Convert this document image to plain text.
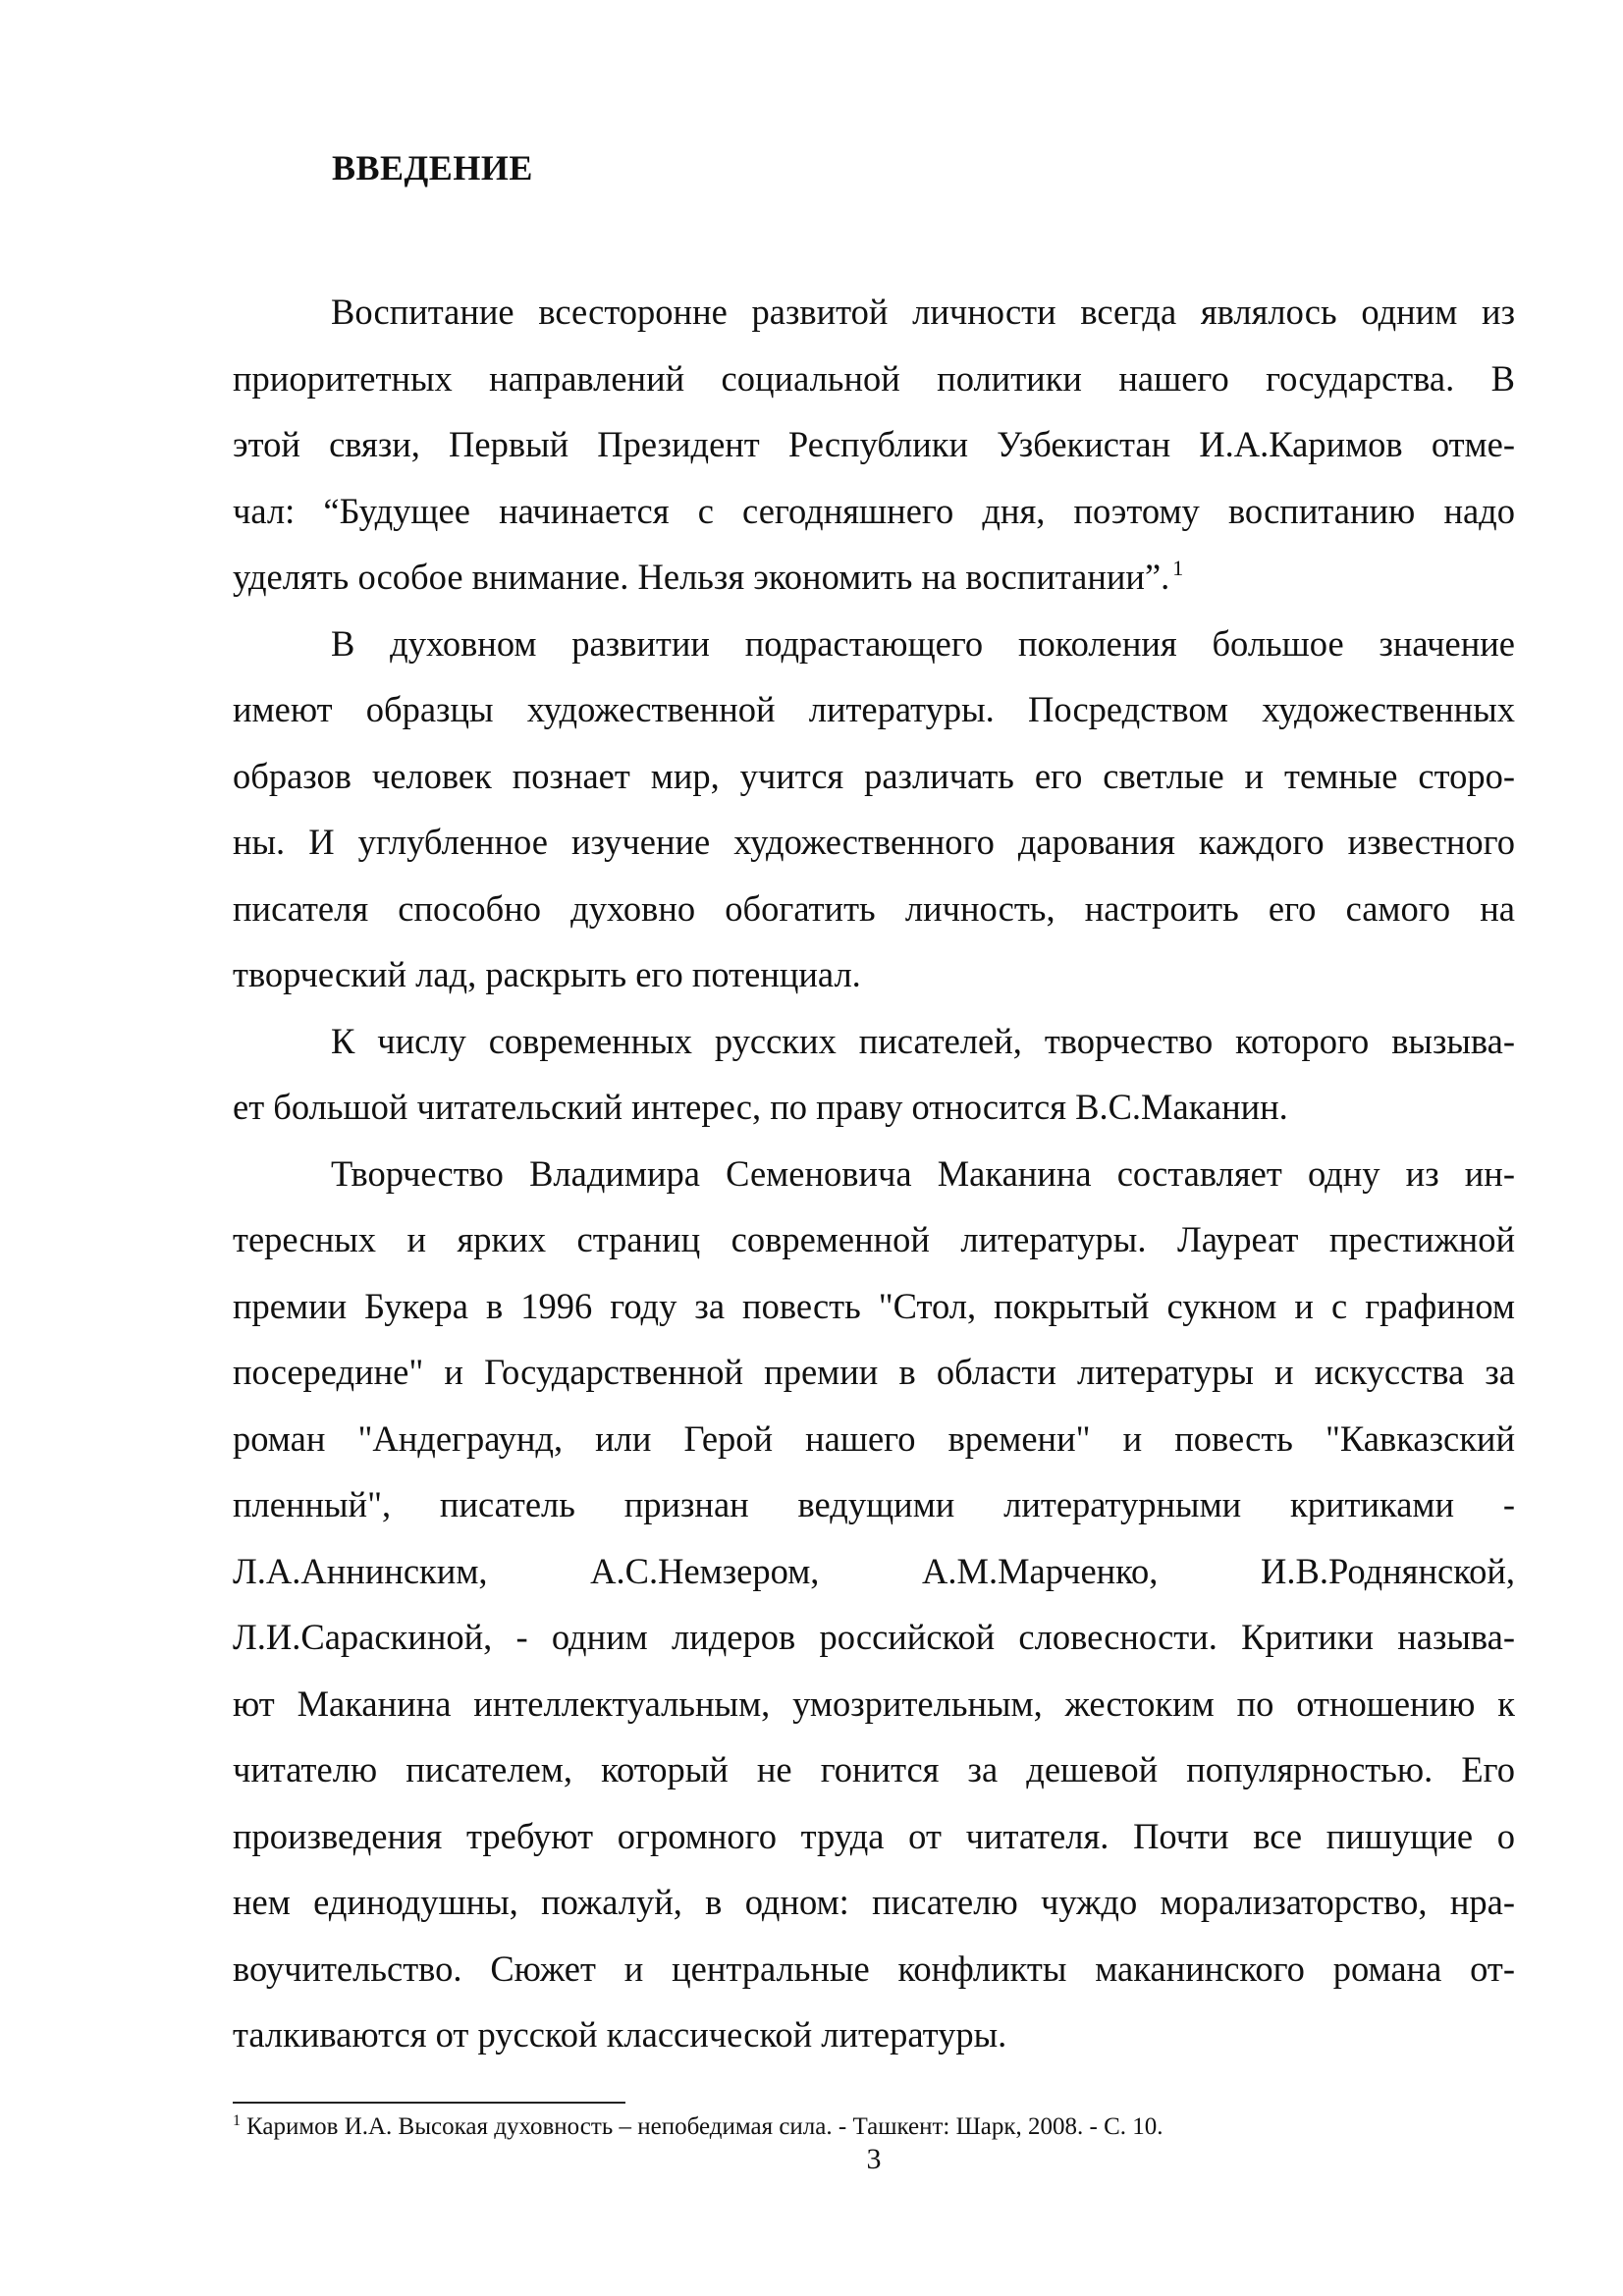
ВВЕДЕНИЕ
Воспитание всесторонне развитой личности всегда являлось одним из
приоритетных направлений социальной политики нашего государства. В
этой связи, Первый Президент Республики Узбекистан И.А.Каримов отме-
чал: “Будущее начинается с сегодняшнего дня, поэтому воспитанию надо
уделять особое внимание. Нельзя экономить на воспитании”. $^1$
В духовном развитии подрастающего поколения большое значение
имеют образцы художественной литературы. Посредством художественных
образов человек познает мир, учится различать его светлые и темные сторо-
ны. И углубленное изучение художественного дарования каждого известного
писателя способно духовно обогатить личность, настроить его самого на
творческий лад, раскрыть его потенциал.
К числу современных русских писателей, творчество которого вызыва-
ет большой читательский интерес, по праву относится В.С.Маканин.
Творчество Владимира Семеновича Маканина составляет одну из ин-
тересных и ярких страниц современной литературы. Лауреат престижной
премии Букера в 1996 году за повесть "Стол, покрытый сукном и с графином
посередине" и Государственной премии в области литературы и искусства за
роман "Андеграунд, или Герой нашего времени" и повесть "Кавказский
пленный", писатель признан ведущими литературными критиками -
Л.А.Аннинским, А.С.Немзером, А.М.Марченко, И.В.Роднянской,
Л.И.Сараскиной, - одним лидеров российской словесности. Критики называ-
ют Маканина интеллектуальным, умозрительным, жестоким по отношению к
читателю писателем, который не гонится за дешевой популярностью. Его
произведения требуют огромного труда от читателя. Почти все пишущие о
нем единодушны, пожалуй, в одном: писателю чуждо морализаторство, нра-
воучительство. Сюжет и центральные конфликты маканинского романа от-
талкиваются от русской классической литературы.
$^1$ Каримов И.А. Высокая духовность – непобедимая сила. - Ташкент: Шарк, 2008. - С. 10.
3
